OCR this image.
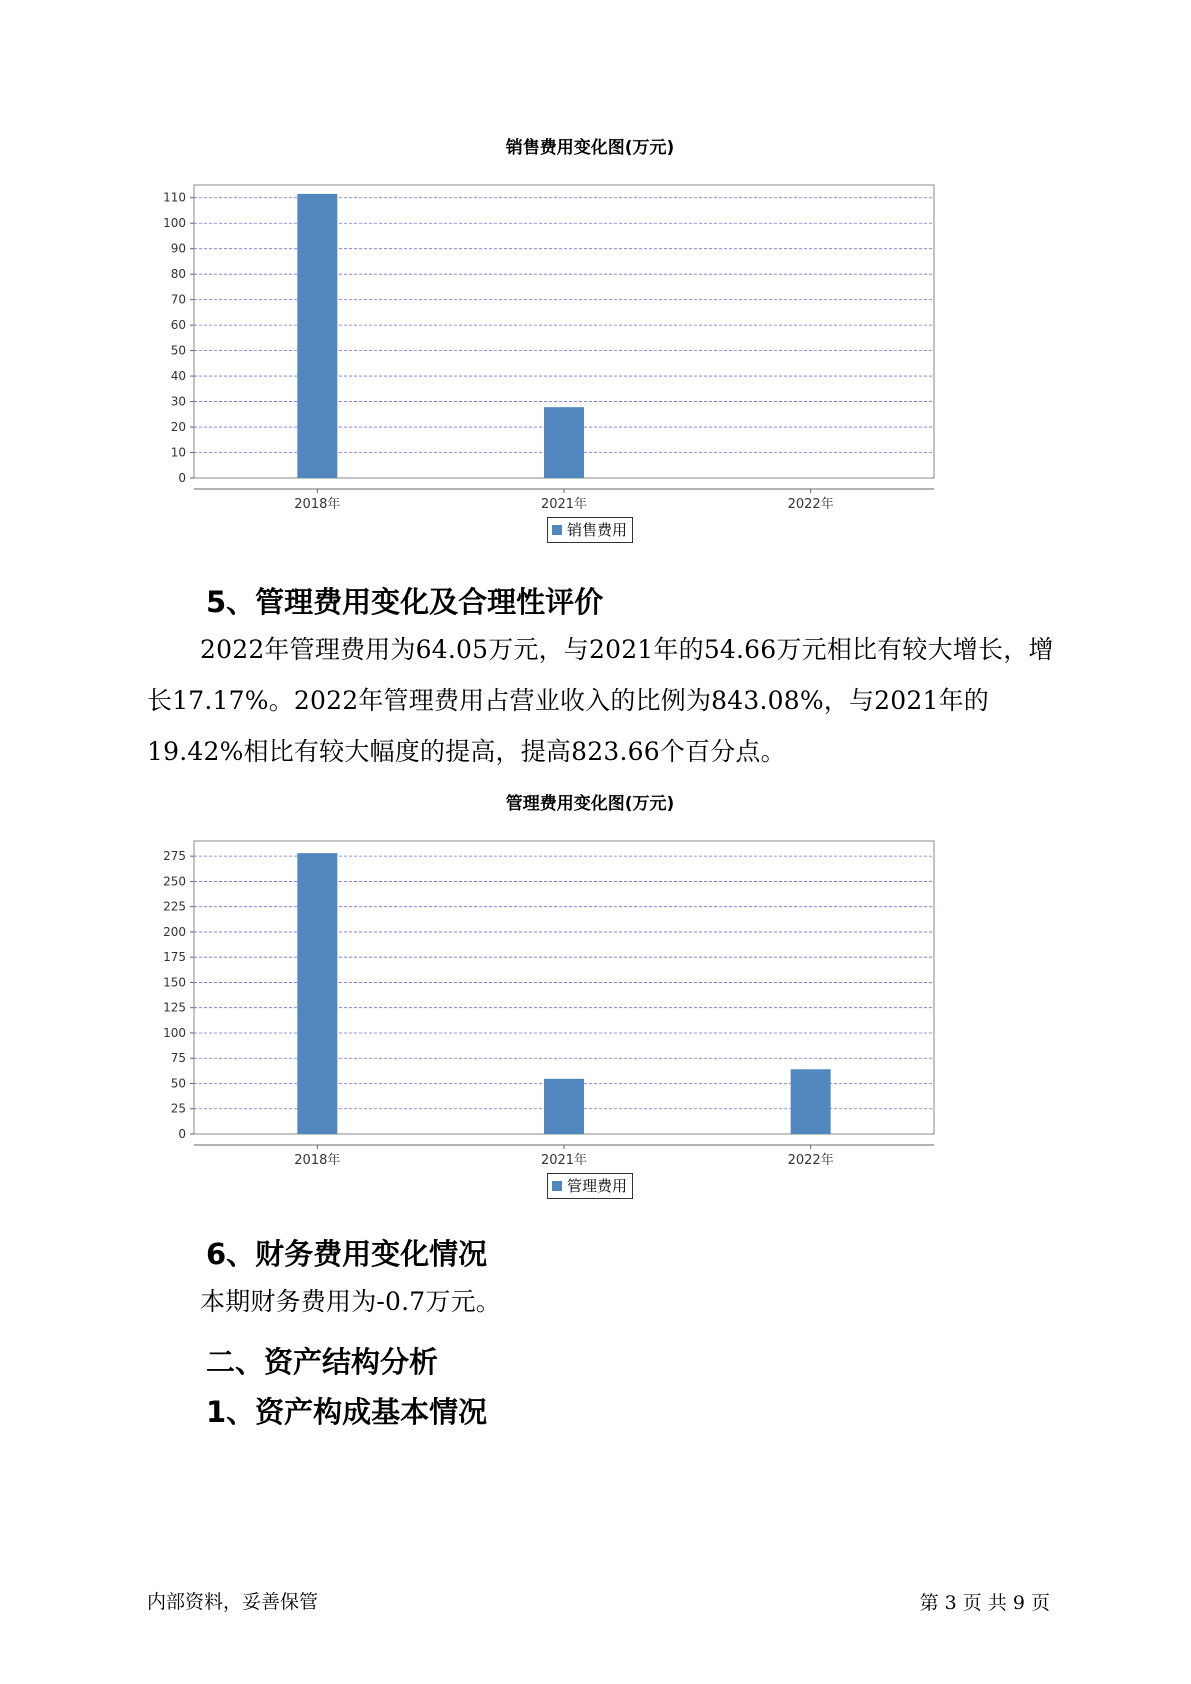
销售费用变化图(万元)
0
10
20
30
40
50
60
70
80
90
100
110
2018年	2021年	2022年
销售费用
5、管理费用变化及合理性评价
2022年管理费用为64.05万元，与2021年的54.66万元相比有较大增长，增长17.17%。2022年管理费用占营业收入的比例为843.08%，与2021年的19.42%相比有较大幅度的提高，提高823.66个百分点。
管理费用变化图(万元)
0
25
50
75
100
125
150
175
200
225
250
275
2018年	2021年	2022年
管理费用
6、财务费用变化情况
本期财务费用为-0.7万元。
二、资产结构分析
1、资产构成基本情况
内部资料，妥善保管	第 3 页 共 9 页
